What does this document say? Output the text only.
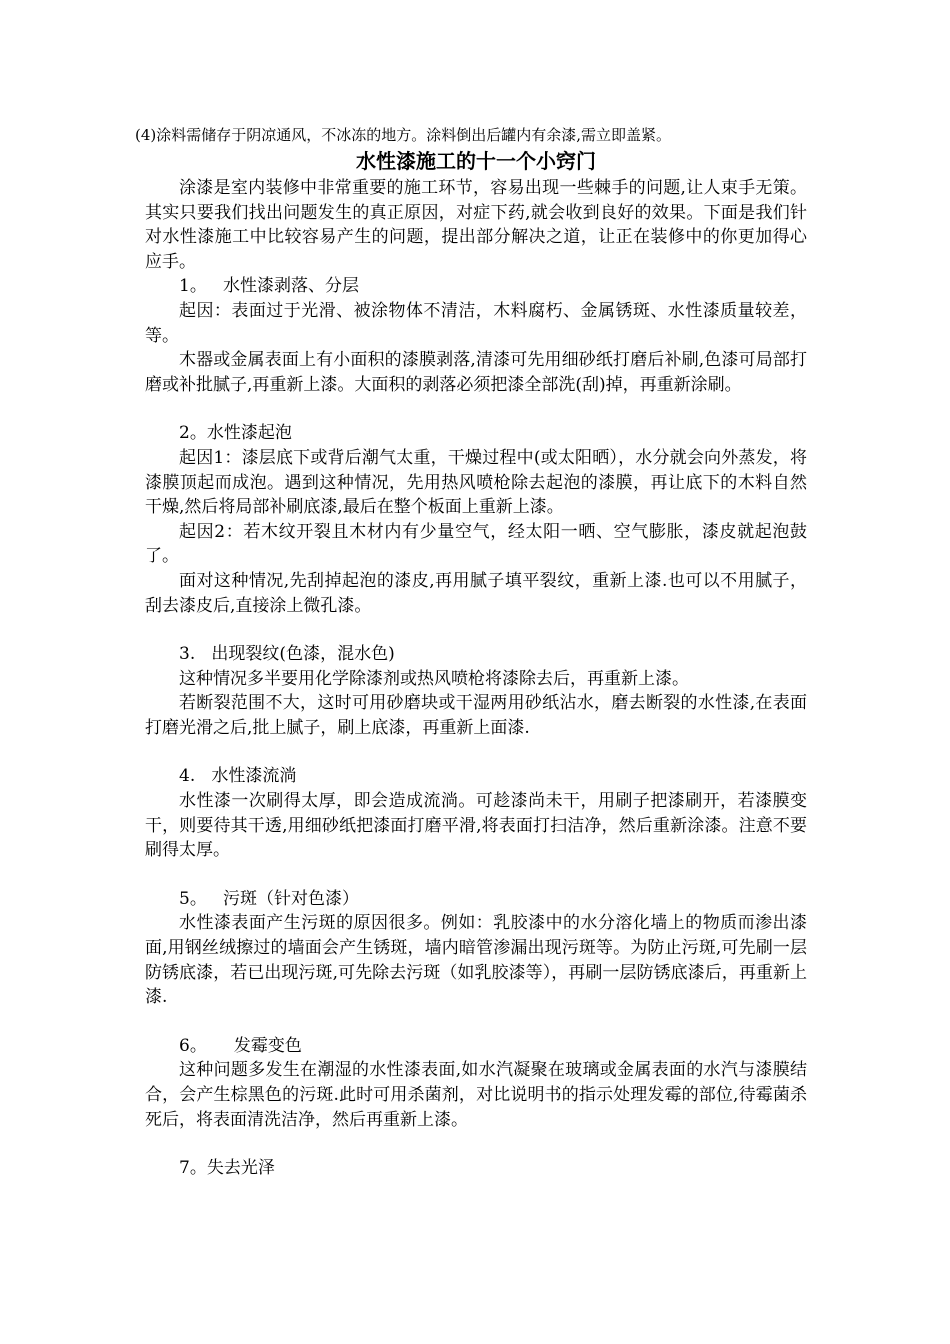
(4)涂料需储存于阴凉通风，不冰冻的地方。涂料倒出后罐内有余漆,需立即盖紧。

水性漆施工的十一个小窍门

涂漆是室内装修中非常重要的施工环节，容易出现一些棘手的问题,让人束手无策。其实只要我们找出问题发生的真正原因，对症下药,就会收到良好的效果。下面是我们针对水性漆施工中比较容易产生的问题，提出部分解决之道，让正在装修中的你更加得心应手。

1。   水性漆剥落、分层

起因：表面过于光滑、被涂物体不清洁，木料腐朽、金属锈斑、水性漆质量较差，等。

木器或金属表面上有小面积的漆膜剥落,清漆可先用细砂纸打磨后补刷,色漆可局部打磨或补批腻子,再重新上漆。大面积的剥落必须把漆全部洗(刮)掉，再重新涂刷。

2。水性漆起泡

起因1：漆层底下或背后潮气太重，干燥过程中(或太阳晒），水分就会向外蒸发，将漆膜顶起而成泡。遇到这种情况，先用热风喷枪除去起泡的漆膜，再让底下的木料自然干燥,然后将局部补刷底漆,最后在整个板面上重新上漆。

起因2：若木纹开裂且木材内有少量空气，经太阳一晒、空气膨胀，漆皮就起泡鼓了。

面对这种情况,先刮掉起泡的漆皮,再用腻子填平裂纹，重新上漆.也可以不用腻子，刮去漆皮后,直接涂上微孔漆。

3.   出现裂纹(色漆，混水色)

这种情况多半要用化学除漆剂或热风喷枪将漆除去后，再重新上漆。

若断裂范围不大，这时可用砂磨块或干湿两用砂纸沾水，磨去断裂的水性漆,在表面打磨光滑之后,批上腻子，刷上底漆，再重新上面漆.

4.   水性漆流淌

水性漆一次刷得太厚，即会造成流淌。可趁漆尚未干，用刷子把漆刷开，若漆膜变干，则要待其干透,用细砂纸把漆面打磨平滑,将表面打扫洁净，然后重新涂漆。注意不要刷得太厚。

5。   污斑（针对色漆）

水性漆表面产生污斑的原因很多。例如：乳胶漆中的水分溶化墙上的物质而渗出漆面,用钢丝绒擦过的墙面会产生锈斑，墙内暗管渗漏出现污斑等。为防止污斑,可先刷一层防锈底漆，若已出现污斑,可先除去污斑（如乳胶漆等），再刷一层防锈底漆后，再重新上漆.

6。     发霉变色

这种问题多发生在潮湿的水性漆表面,如水汽凝聚在玻璃或金属表面的水汽与漆膜结合，会产生棕黑色的污斑.此时可用杀菌剂，对比说明书的指示处理发霉的部位,待霉菌杀死后，将表面清洗洁净，然后再重新上漆。

7。失去光泽
